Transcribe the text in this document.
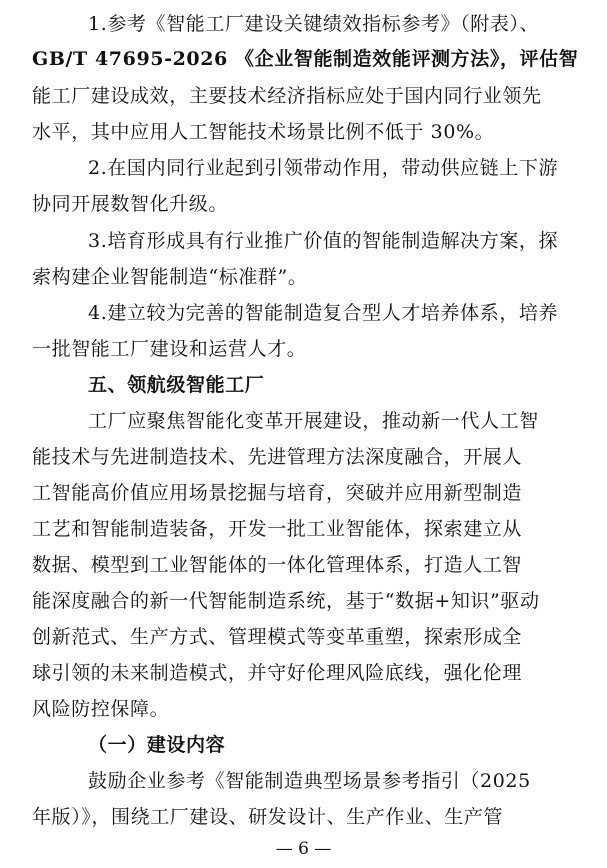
1.参考《智能工厂建设关键绩效指标参考》（附表）、
GB/T 47695-2026 《企业智能制造效能评测方法》，评估智
能工厂建设成效，主要技术经济指标应处于国内同行业领先
水平，其中应用人工智能技术场景比例不低于 30%。
2.在国内同行业起到引领带动作用，带动供应链上下游
协同开展数智化升级。
3.培育形成具有行业推广价值的智能制造解决方案，探
索构建企业智能制造“标准群”。
4.建立较为完善的智能制造复合型人才培养体系，培养
一批智能工厂建设和运营人才。
五、领航级智能工厂
工厂应聚焦智能化变革开展建设，推动新一代人工智
能技术与先进制造技术、先进管理方法深度融合，开展人
工智能高价值应用场景挖掘与培育，突破并应用新型制造
工艺和智能制造装备，开发一批工业智能体，探索建立从
数据、模型到工业智能体的一体化管理体系，打造人工智
能深度融合的新一代智能制造系统，基于“数据+知识”驱动
创新范式、生产方式、管理模式等变革重塑，探索形成全
球引领的未来制造模式，并守好伦理风险底线，强化伦理
风险防控保障。
（一）建设内容
鼓励企业参考《智能制造典型场景参考指引（2025
年版）》，围绕工厂建设、研发设计、生产作业、生产管
— 6 —
